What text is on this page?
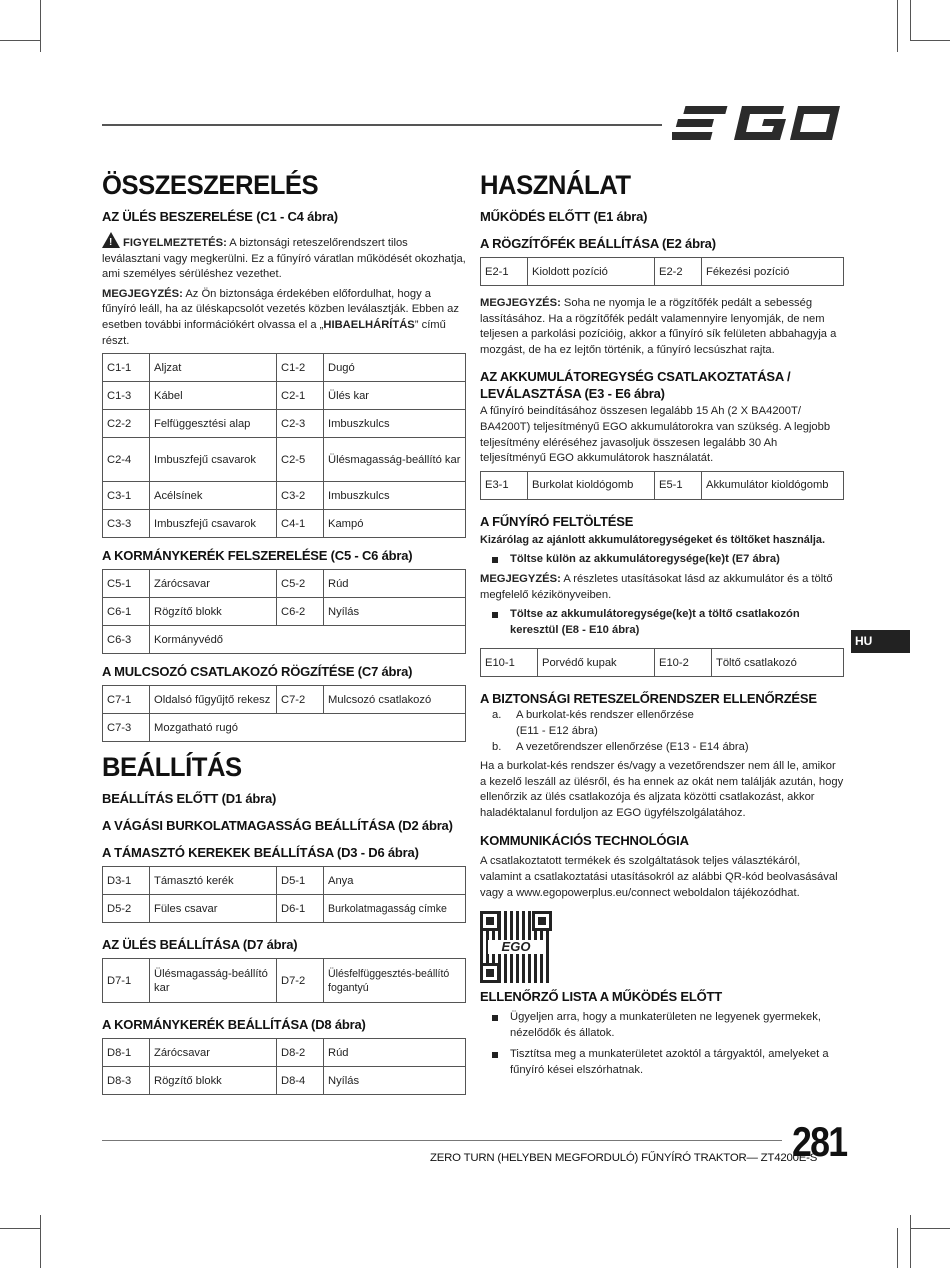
ÖSSZESZERELÉS
AZ ÜLÉS BESZERELÉSE (C1 - C4 ábra)

!FIGYELMEZTETÉS: A biztonsági reteszelőrendszert tilos leválasztani vagy megkerülni. Ez a fűnyíró váratlan működését okozhatja, ami személyes sérüléshez vezethet.

MEGJEGYZÉS: Az Ön biztonsága érdekében előfordulhat, hogy a fűnyíró leáll, ha az üléskapcsolót vezetés közben leválasztják. Ebben az esetben további információkért olvassa el a „HIBAELHÁRÍTÁS” című részt.

C1-1	Aljzat	C1-2	Dugó
C1-3	Kábel	C2-1	Ülés kar
C2-2	Felfüggesztési alap	C2-3	Imbuszkulcs
C2-4	Imbuszfejű csavarok	C2-5	Ülésmagasság-beállító kar
C3-1	Acélsínek	C3-2	Imbuszkulcs
C3-3	Imbuszfejű csavarok	C4-1	Kampó
A KORMÁNYKERÉK FELSZERELÉSE (C5 - C6 ábra)
C5-1	Zárócsavar	C5-2	Rúd
C6-1	Rögzítő blokk	C6-2	Nyílás
C6-3	Kormányvédő		
A MULCSOZÓ CSATLAKOZÓ RÖGZÍTÉSE (C7 ábra)
C7-1	Oldalsó fűgyűjtő rekesz	C7-2	Mulcsozó csatlakozó
C7-3	Mozgatható rugó		
BEÁLLÍTÁS
BEÁLLÍTÁS ELŐTT (D1 ábra)
A VÁGÁSI BURKOLATMAGASSÁG BEÁLLÍTÁSA (D2 ábra)
A TÁMASZTÓ KEREKEK BEÁLLÍTÁSA (D3 - D6 ábra)
D3-1	Támasztó kerék	D5-1	Anya
D5-2	Füles csavar	D6-1	Burkolatmagasság címke
AZ ÜLÉS BEÁLLÍTÁSA (D7 ábra)
D7-1	Ülésmagasság-beállító kar	D7-2	Ülésfelfüggesztés-beállító fogantyú
A KORMÁNYKERÉK BEÁLLÍTÁSA (D8 ábra)
D8-1	Zárócsavar	D8-2	Rúd
D8-3	Rögzítő blokk	D8-4	Nyílás
HASZNÁLAT
MŰKÖDÉS ELŐTT (E1 ábra)
A RÖGZÍTŐFÉK BEÁLLÍTÁSA (E2 ábra)
E2-1	Kioldott pozíció	E2-2	Fékezési pozíció

MEGJEGYZÉS: Soha ne nyomja le a rögzítőfék pedált a sebesség lassításához. Ha a rögzítőfék pedált valamennyire lenyomják, de nem teljesen a parkolási pozícióig, akkor a fűnyíró sík felületen abbahagyja a mozgást, de ha ez lejtőn történik, a fűnyíró lecsúszhat rajta.

AZ AKKUMULÁTOREGYSÉG CSATLAKOZTATÁSA / LEVÁLASZTÁSA (E3 - E6 ábra)

A fűnyíró beindításához összesen legalább 15 Ah (2 X BA4200T/ BA4200T) teljesítményű EGO akkumulátorokra van szükség. A legjobb teljesítmény eléréséhez javasoljuk összesen legalább 30 Ah teljesítményű EGO akkumulátorok használatát.

E3-1	Burkolat kioldógomb	E5-1	Akkumulátor kioldógomb
A FŰNYÍRÓ FELTÖLTÉSE

Kizárólag az ajánlott akkumulátoregységeket és töltőket használja.

Töltse külön az akkumulátoregysége(ke)t (E7 ábra)

MEGJEGYZÉS: A részletes utasításokat lásd az akkumulátor és a töltő megfelelő kézikönyveiben.

Töltse az akkumulátoregysége(ke)t a töltő csatlakozón keresztül (E8 - E10 ábra)
E10-1	Porvédő kupak	E10-2	Töltő csatlakozó
A BIZTONSÁGI RETESZELŐRENDSZER ELLENŐRZÉSE
a. A burkolat-kés rendszer ellenőrzése
(E11 - E12 ábra)
b. A vezetőrendszer ellenőrzése (E13 - E14 ábra)

Ha a burkolat-kés rendszer és/vagy a vezetőrendszer nem áll le, amikor a kezelő leszáll az ülésről, és ha ennek az okát nem találják azután, hogy ellenőrzik az ülés csatlakozója és aljzata közötti csatlakozást, akkor haladéktalanul forduljon az EGO ügyfélszolgálatához.

KOMMUNIKÁCIÓS TECHNOLÓGIA

A csatlakoztatott termékek és szolgáltatások teljes választékáról, valamint a csatlakoztatási utasításokról az alábbi QR-kód beolvasásával vagy a www.egopowerplus.eu/connect weboldalon tájékozódhat.

EGO
ELLENŐRZŐ LISTA A MŰKÖDÉS ELŐTT
Ügyeljen arra, hogy a munkaterületen ne legyenek gyermekek, nézelődők és állatok.
Tisztítsa meg a munkaterületet azoktól a tárgyaktól, amelyeket a fűnyíró kései elszórhatnak.
HU
ZERO TURN (HELYBEN MEGFORDULÓ) FŰNYÍRÓ TRAKTOR— ZT4200E-S
281
